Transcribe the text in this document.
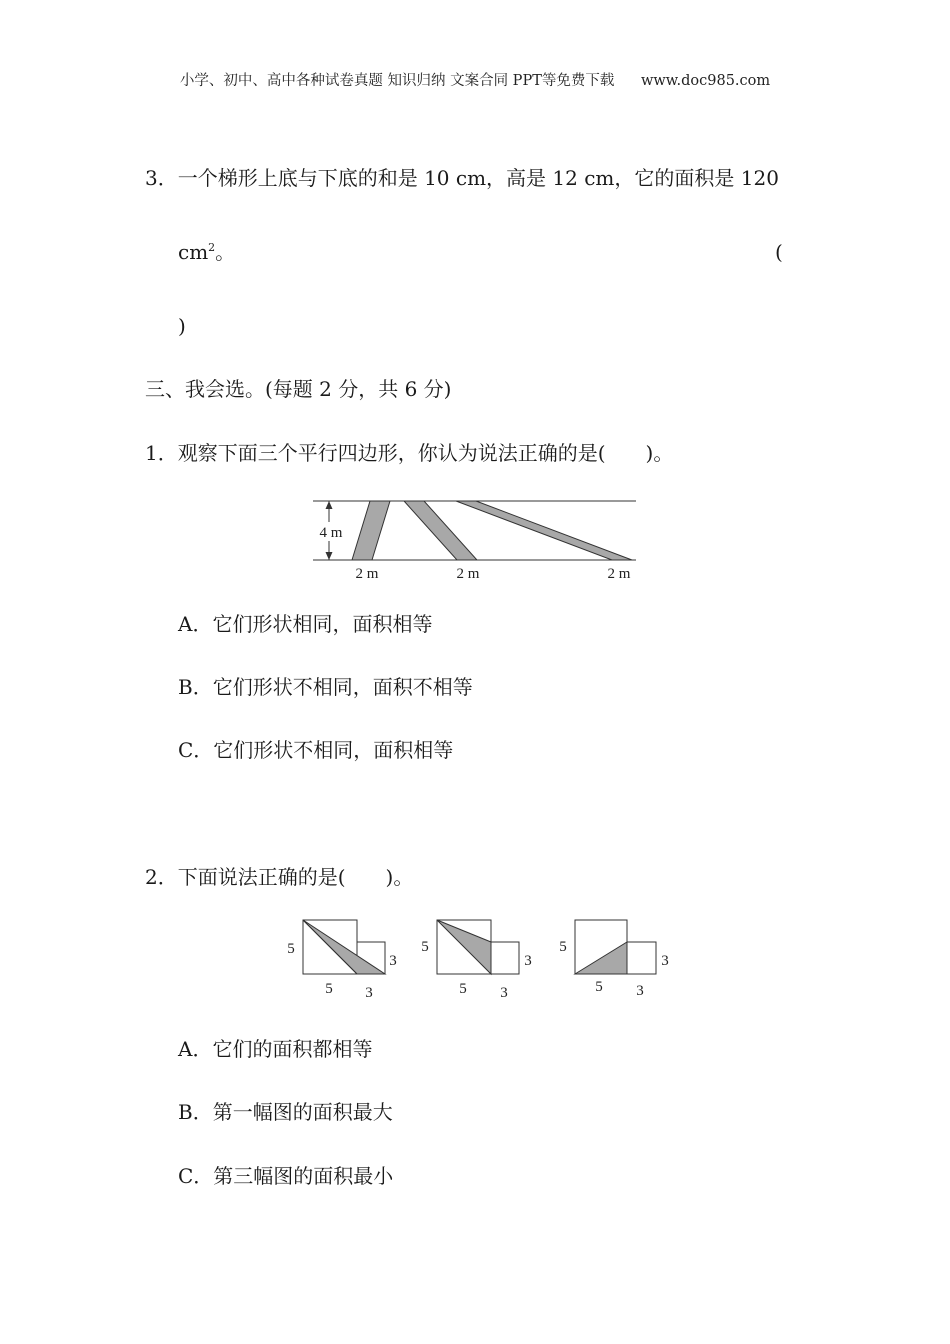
小学、初中、高中各种试卷真题 知识归纳 文案合同 PPT等免费下载 www.doc985.com
3．一个梯形上底与下底的和是 10 cm，高是 12 cm，它的面积是 120
$cm^2$。	(
)
三、我会选。(每题 2 分，共 6 分)
1．观察下面三个平行四边形，你认为说法正确的是(　　)。
4 m
2 m	2 m	2 m
A．它们形状相同，面积相等
B．它们形状不相同，面积不相等
C．它们形状不相同，面积相等
2．下面说法正确的是(　　)。
5
3
5 3
5
3
5 3
5
3
5 3
A．它们的面积都相等
B．第一幅图的面积最大
C．第三幅图的面积最小
